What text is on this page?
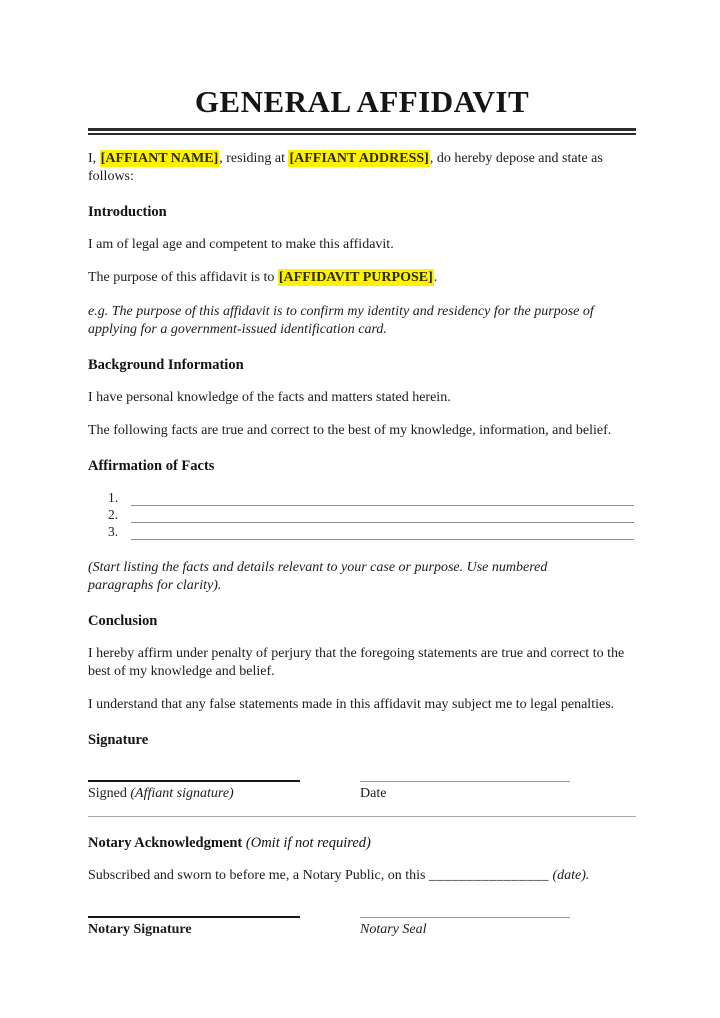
GENERAL AFFIDAVIT

I, [AFFIANT NAME], residing at [AFFIANT ADDRESS], do hereby depose and state as follows:

Introduction

I am of legal age and competent to make this affidavit.

The purpose of this affidavit is to [AFFIDAVIT PURPOSE].

e.g. The purpose of this affidavit is to confirm my identity and residency for the purpose of applying for a government-issued identification card.

Background Information

I have personal knowledge of the facts and matters stated herein.

The following facts are true and correct to the best of my knowledge, information, and belief.

Affirmation of Facts
1.
2.
3.

(Start listing the facts and details relevant to your case or purpose. Use numbered paragraphs for clarity).

Conclusion

I hereby affirm under penalty of perjury that the foregoing statements are true and correct to the best of my knowledge and belief.

I understand that any false statements made in this affidavit may subject me to legal penalties.

Signature
Signed (Affiant signature)	Date
Notary Acknowledgment (Omit if not required)

Subscribed and sworn to before me, a Notary Public, on this ________________ (date).

Notary Signature	Notary Seal
